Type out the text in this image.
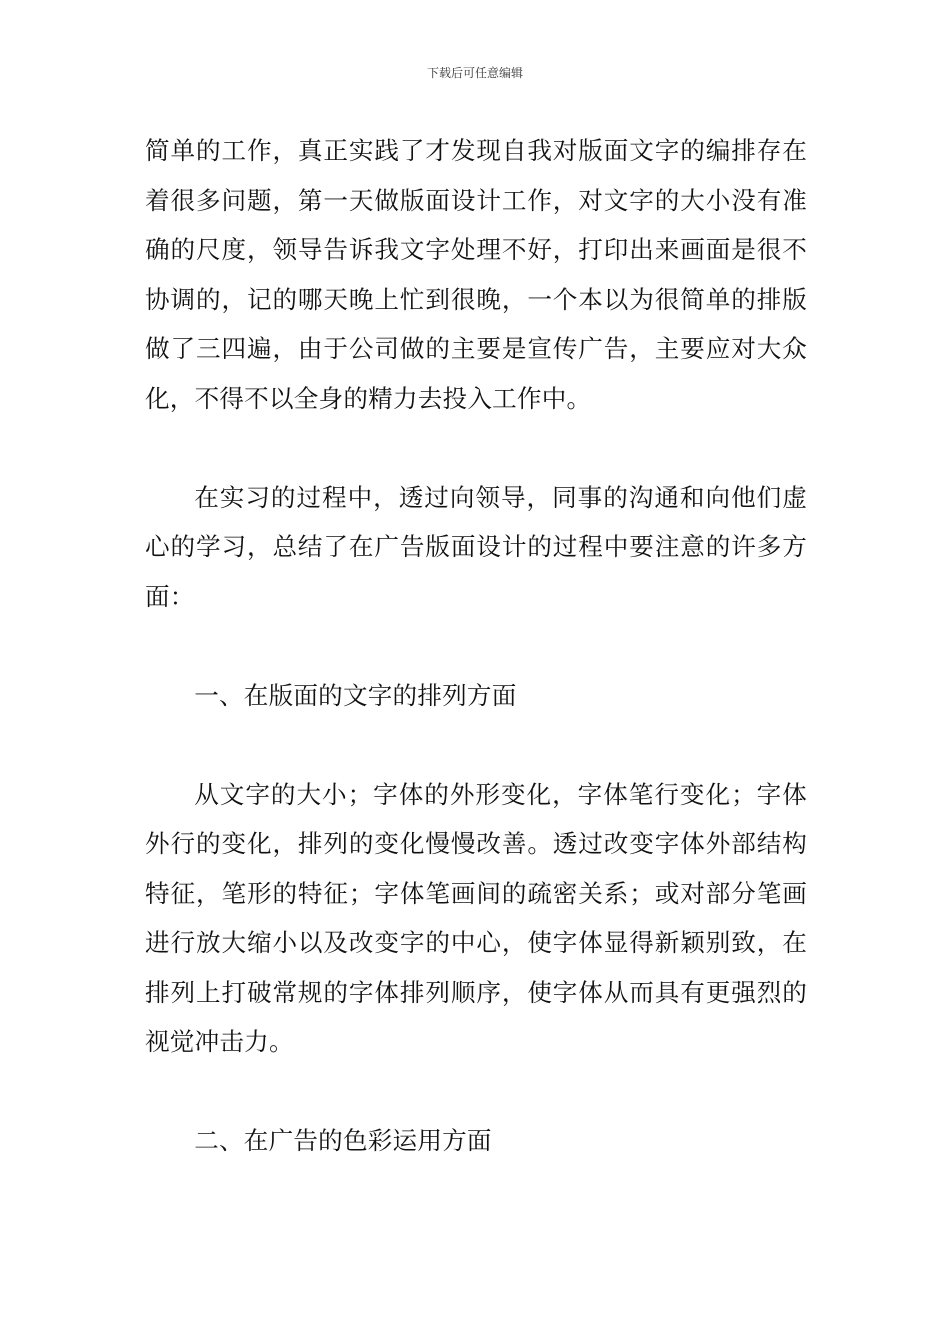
下载后可任意编辑

简单的工作，真正实践了才发现自我对版面文字的编排存在着很多问题，第一天做版面设计工作，对文字的大小没有准确的尺度，领导告诉我文字处理不好，打印出来画面是很不协调的，记的哪天晚上忙到很晚，一个本以为很简单的排版做了三四遍，由于公司做的主要是宣传广告，主要应对大众化，不得不以全身的精力去投入工作中。

在实习的过程中，透过向领导，同事的沟通和向他们虚心的学习，总结了在广告版面设计的过程中要注意的许多方面：

一、在版面的文字的排列方面

从文字的大小；字体的外形变化，字体笔行变化；字体外行的变化，排列的变化慢慢改善。透过改变字体外部结构特征，笔形的特征；字体笔画间的疏密关系；或对部分笔画进行放大缩小以及改变字的中心，使字体显得新颖别致，在排列上打破常规的字体排列顺序，使字体从而具有更强烈的视觉冲击力。

二、在广告的色彩运用方面
